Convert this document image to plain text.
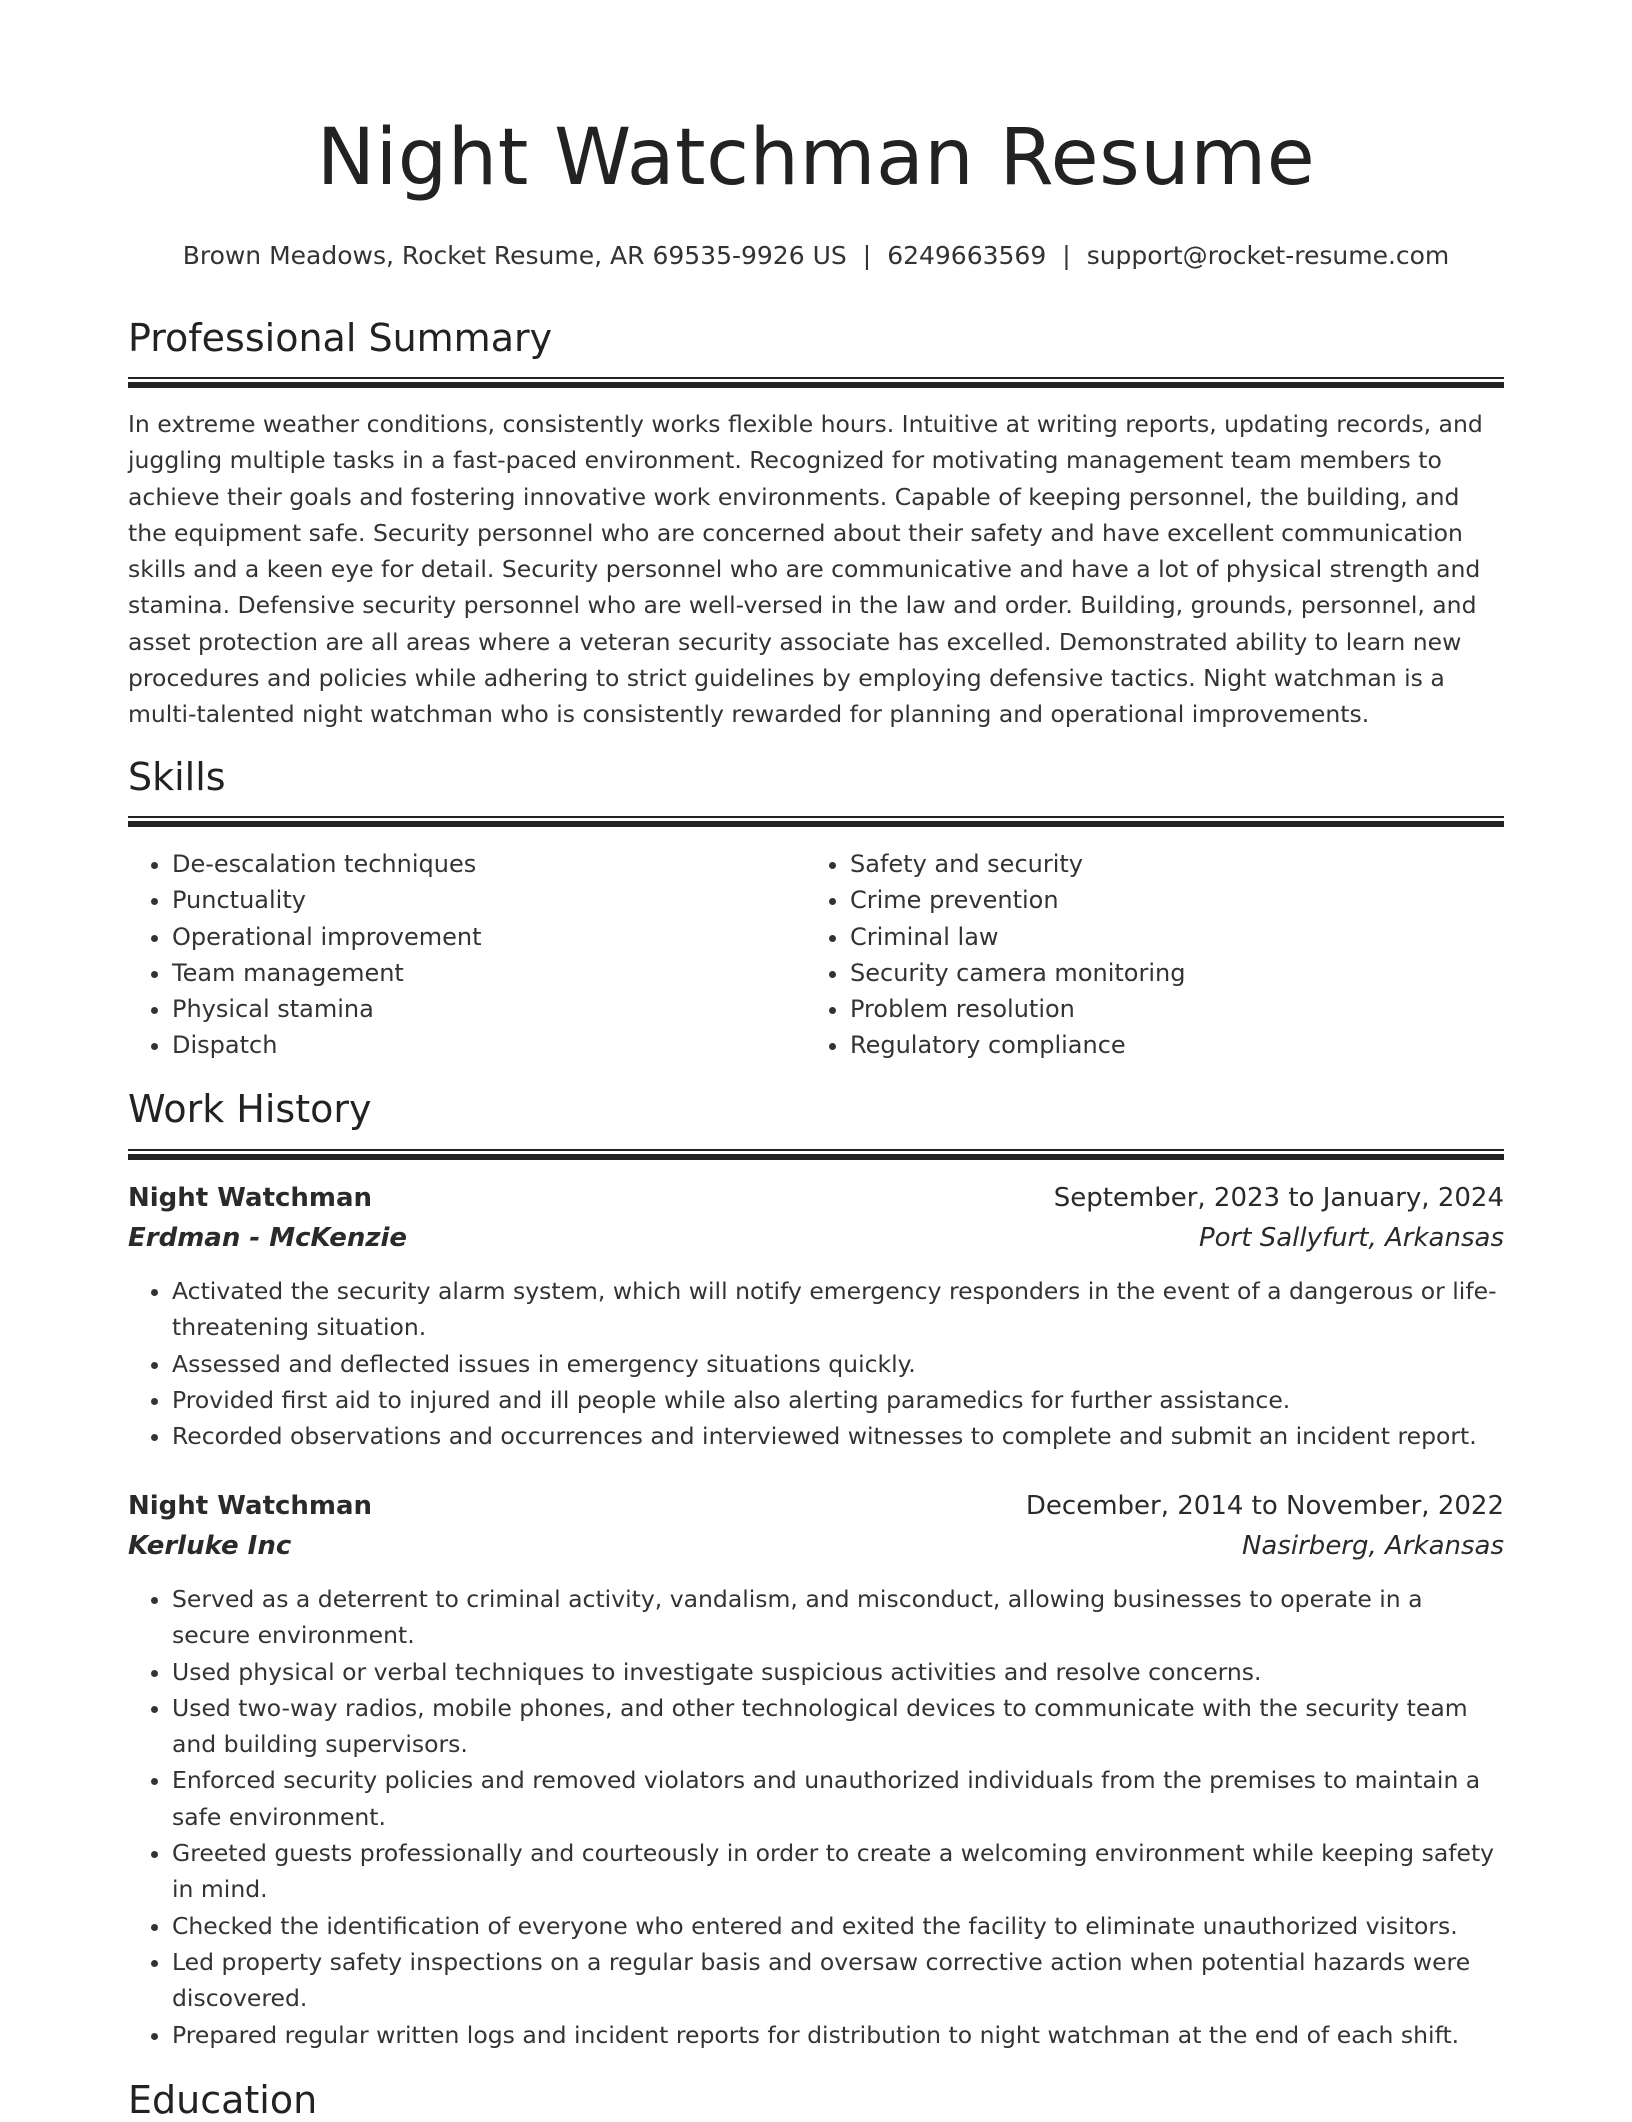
Night Watchman Resume
Brown Meadows, Rocket Resume, AR 69535-9926 US | 6249663569 | support@rocket-resume.com
Professional Summary

In extreme weather conditions, consistently works flexible hours. Intuitive at writing reports, updating records, and juggling multiple tasks in a fast-paced environment. Recognized for motivating management team members to achieve their goals and fostering innovative work environments. Capable of keeping personnel, the building, and the equipment safe. Security personnel who are concerned about their safety and have excellent communication skills and a keen eye for detail. Security personnel who are communicative and have a lot of physical strength and stamina. Defensive security personnel who are well-versed in the law and order. Building, grounds, personnel, and asset protection are all areas where a veteran security associate has excelled. Demonstrated ability to learn new procedures and policies while adhering to strict guidelines by employing defensive tactics. Night watchman is a multi-talented night watchman who is consistently rewarded for planning and operational improvements.

Skills
• De-escalation techniques
• Punctuality
• Operational improvement
• Team management
• Physical stamina
• Dispatch
• Safety and security
• Crime prevention
• Criminal law
• Security camera monitoring
• Problem resolution
• Regulatory compliance
Work History
Night Watchman	September, 2023 to January, 2024
Erdman - McKenzie	Port Sallyfurt, Arkansas
• Activated the security alarm system, which will notify emergency responders in the event of a dangerous or life-threatening situation.
• Assessed and deflected issues in emergency situations quickly.
• Provided first aid to injured and ill people while also alerting paramedics for further assistance.
• Recorded observations and occurrences and interviewed witnesses to complete and submit an incident report.
Night Watchman	December, 2014 to November, 2022
Kerluke Inc	Nasirberg, Arkansas
• Served as a deterrent to criminal activity, vandalism, and misconduct, allowing businesses to operate in a secure environment.
• Used physical or verbal techniques to investigate suspicious activities and resolve concerns.
• Used two-way radios, mobile phones, and other technological devices to communicate with the security team and building supervisors.
• Enforced security policies and removed violators and unauthorized individuals from the premises to maintain a safe environment.
• Greeted guests professionally and courteously in order to create a welcoming environment while keeping safety in mind.
• Checked the identification of everyone who entered and exited the facility to eliminate unauthorized visitors.
• Led property safety inspections on a regular basis and oversaw corrective action when potential hazards were discovered.
• Prepared regular written logs and incident reports for distribution to night watchman at the end of each shift.
Education
